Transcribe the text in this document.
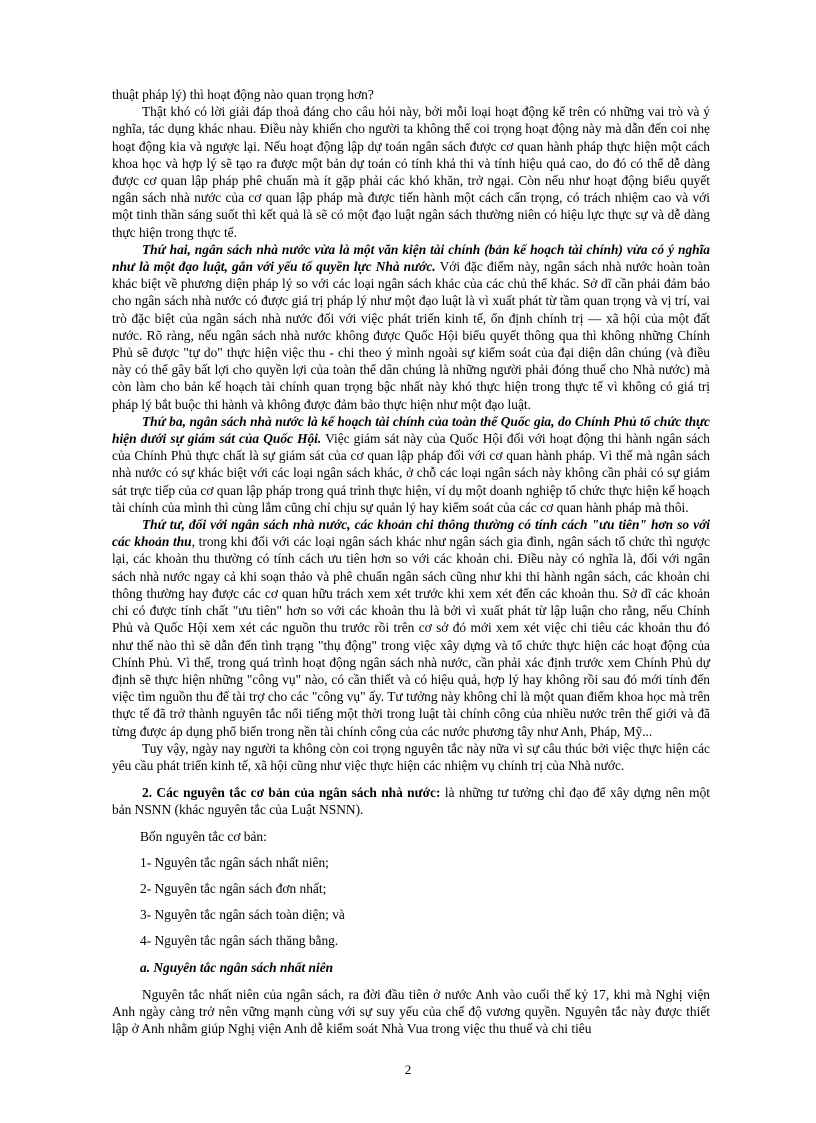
thuật pháp lý) thì hoạt động nào quan trọng hơn?

Thật khó có lời giải đáp thoả đáng cho câu hỏi này, bởi mỗi loại hoạt động kể trên có những vai trò và ý nghĩa, tác dụng khác nhau. Điều này khiến cho người ta không thể coi trọng hoạt động này mà dẫn đến coi nhẹ hoạt động kia và ngược lại. Nếu hoạt động lập dự toán ngân sách được cơ quan hành pháp thực hiện một cách khoa học và hợp lý sẽ tạo ra được một bản dự toán có tính khả thi và tính hiệu quả cao, do đó có thể dễ dàng được cơ quan lập pháp phê chuẩn mà ít gặp phải các khó khăn, trở ngại. Còn nếu như hoạt động biểu quyết ngân sách nhà nước của cơ quan lập pháp mà được tiến hành một cách cẩn trọng, có trách nhiệm cao và với một tinh thần sáng suốt thì kết quả là sẽ có một đạo luật ngân sách thường niên có hiệu lực thực sự và dễ dàng thực hiện trong thực tế.

Thứ hai, ngân sách nhà nước vừa là một văn kiện tài chính (bản kế hoạch tài chính) vừa có ý nghĩa như là một đạo luật, gắn với yếu tố quyền lực Nhà nước. Với đặc điểm này, ngân sách nhà nước hoàn toàn khác biệt về phương diện pháp lý so với các loại ngân sách khác của các chủ thể khác. Sở dĩ cần phải đảm bảo cho ngân sách nhà nước có được giá trị pháp lý như một đạo luật là vì xuất phát từ tầm quan trọng và vị trí, vai trò đặc biệt của ngân sách nhà nước đối với việc phát triển kinh tế, ổn định chính trị — xã hội của một đất nước. Rõ ràng, nếu ngân sách nhà nước không được Quốc Hội biểu quyết thông qua thì không những Chính Phủ sẽ được "tự do" thực hiện việc thu - chi theo ý mình ngoài sự kiểm soát của đại diện dân chúng (và điều này có thể gây bất lợi cho quyền lợi của toàn thể dân chúng là những người phải đóng thuế cho Nhà nước) mà còn làm cho bản kế hoạch tài chính quan trọng bậc nhất này khó thực hiện trong thực tế vì không có giá trị pháp lý bắt buộc thi hành và không được đảm bảo thực hiện như một đạo luật.

Thứ ba, ngân sách nhà nước là kế hoạch tài chính của toàn thể Quốc gia, do Chính Phủ tổ chức thực hiện dưới sự giám sát của Quốc Hội. Việc giám sát này của Quốc Hội đối với hoạt động thi hành ngân sách của Chính Phủ thực chất là sự giám sát của cơ quan lập pháp đối với cơ quan hành pháp. Vì thế mà ngân sách nhà nước có sự khác biệt với các loại ngân sách khác, ở chỗ các loại ngân sách này không cần phải có sự giám sát trực tiếp của cơ quan lập pháp trong quá trình thực hiện, ví dụ một doanh nghiệp tổ chức thực hiện kế hoạch tài chính của mình thì cùng lắm cũng chỉ chịu sự quản lý hay kiểm soát của các cơ quan hành pháp mà thôi.

Thứ tư, đối với ngân sách nhà nước, các khoản chi thông thường có tính cách "ưu tiên" hơn so với các khoản thu, trong khi đối với các loại ngân sách khác như ngân sách gia đình, ngân sách tổ chức thì ngược lại, các khoản thu thường có tính cách ưu tiên hơn so với các khoản chi. Điều này có nghĩa là, đối với ngân sách nhà nước ngay cả khi soạn thảo và phê chuẩn ngân sách cũng như khi thi hành ngân sách, các khoản chi thông thường hay được các cơ quan hữu trách xem xét trước khi xem xét đến các khoản thu. Sở dĩ các khoản chi có được tính chất "ưu tiên" hơn so với các khoản thu là bởi vì xuất phát từ lập luận cho rằng, nếu Chính Phủ và Quốc Hội xem xét các nguồn thu trước rồi trên cơ sở đó mới xem xét việc chi tiêu các khoản thu đó như thế nào thì sẽ dẫn đến tình trạng "thụ động" trong việc xây dựng và tổ chức thực hiện các hoạt động của Chính Phủ. Vì thế, trong quá trình hoạt động ngân sách nhà nước, cần phải xác định trước xem Chính Phủ dự định sẽ thực hiện những "công vụ" nào, có cần thiết và có hiệu quả, hợp lý hay không rồi sau đó mới tính đến việc tìm nguồn thu để tài trợ cho các "công vụ" ấy. Tư tưởng này không chỉ là một quan điểm khoa học mà trên thực tế đã trở thành nguyên tắc nổi tiếng một thời trong luật tài chính công của nhiều nước trên thế giới và đã từng được áp dụng phổ biến trong nền tài chính công của các nước phương tây như Anh, Pháp, Mỹ...

Tuy vậy, ngày nay người ta không còn coi trọng nguyên tắc này nữa vì sự câu thúc bởi việc thực hiện các yêu cầu phát triển kinh tế, xã hội cũng như việc thực hiện các nhiệm vụ chính trị của Nhà nước.

2. Các nguyên tắc cơ bản của ngân sách nhà nước: là những tư tưởng chỉ đạo để xây dựng nên một bản NSNN (khác nguyên tắc của Luật NSNN).

Bốn nguyên tắc cơ bản:

1- Nguyên tắc ngân sách nhất niên;

2- Nguyên tắc ngân sách đơn nhất;

3- Nguyên tắc ngân sách toàn diện; và

4- Nguyên tắc ngân sách thăng bằng.

a. Nguyên tắc ngân sách nhất niên

Nguyên tắc nhất niên của ngân sách, ra đời đầu tiên ở nước Anh vào cuối thế kỷ 17, khi mà Nghị viện Anh ngày càng trở nên vững mạnh cùng với sự suy yếu của chế độ vương quyền. Nguyên tắc này được thiết lập ở Anh nhằm giúp Nghị viện Anh dễ kiểm soát Nhà Vua trong việc thu thuế và chi tiêu

2
